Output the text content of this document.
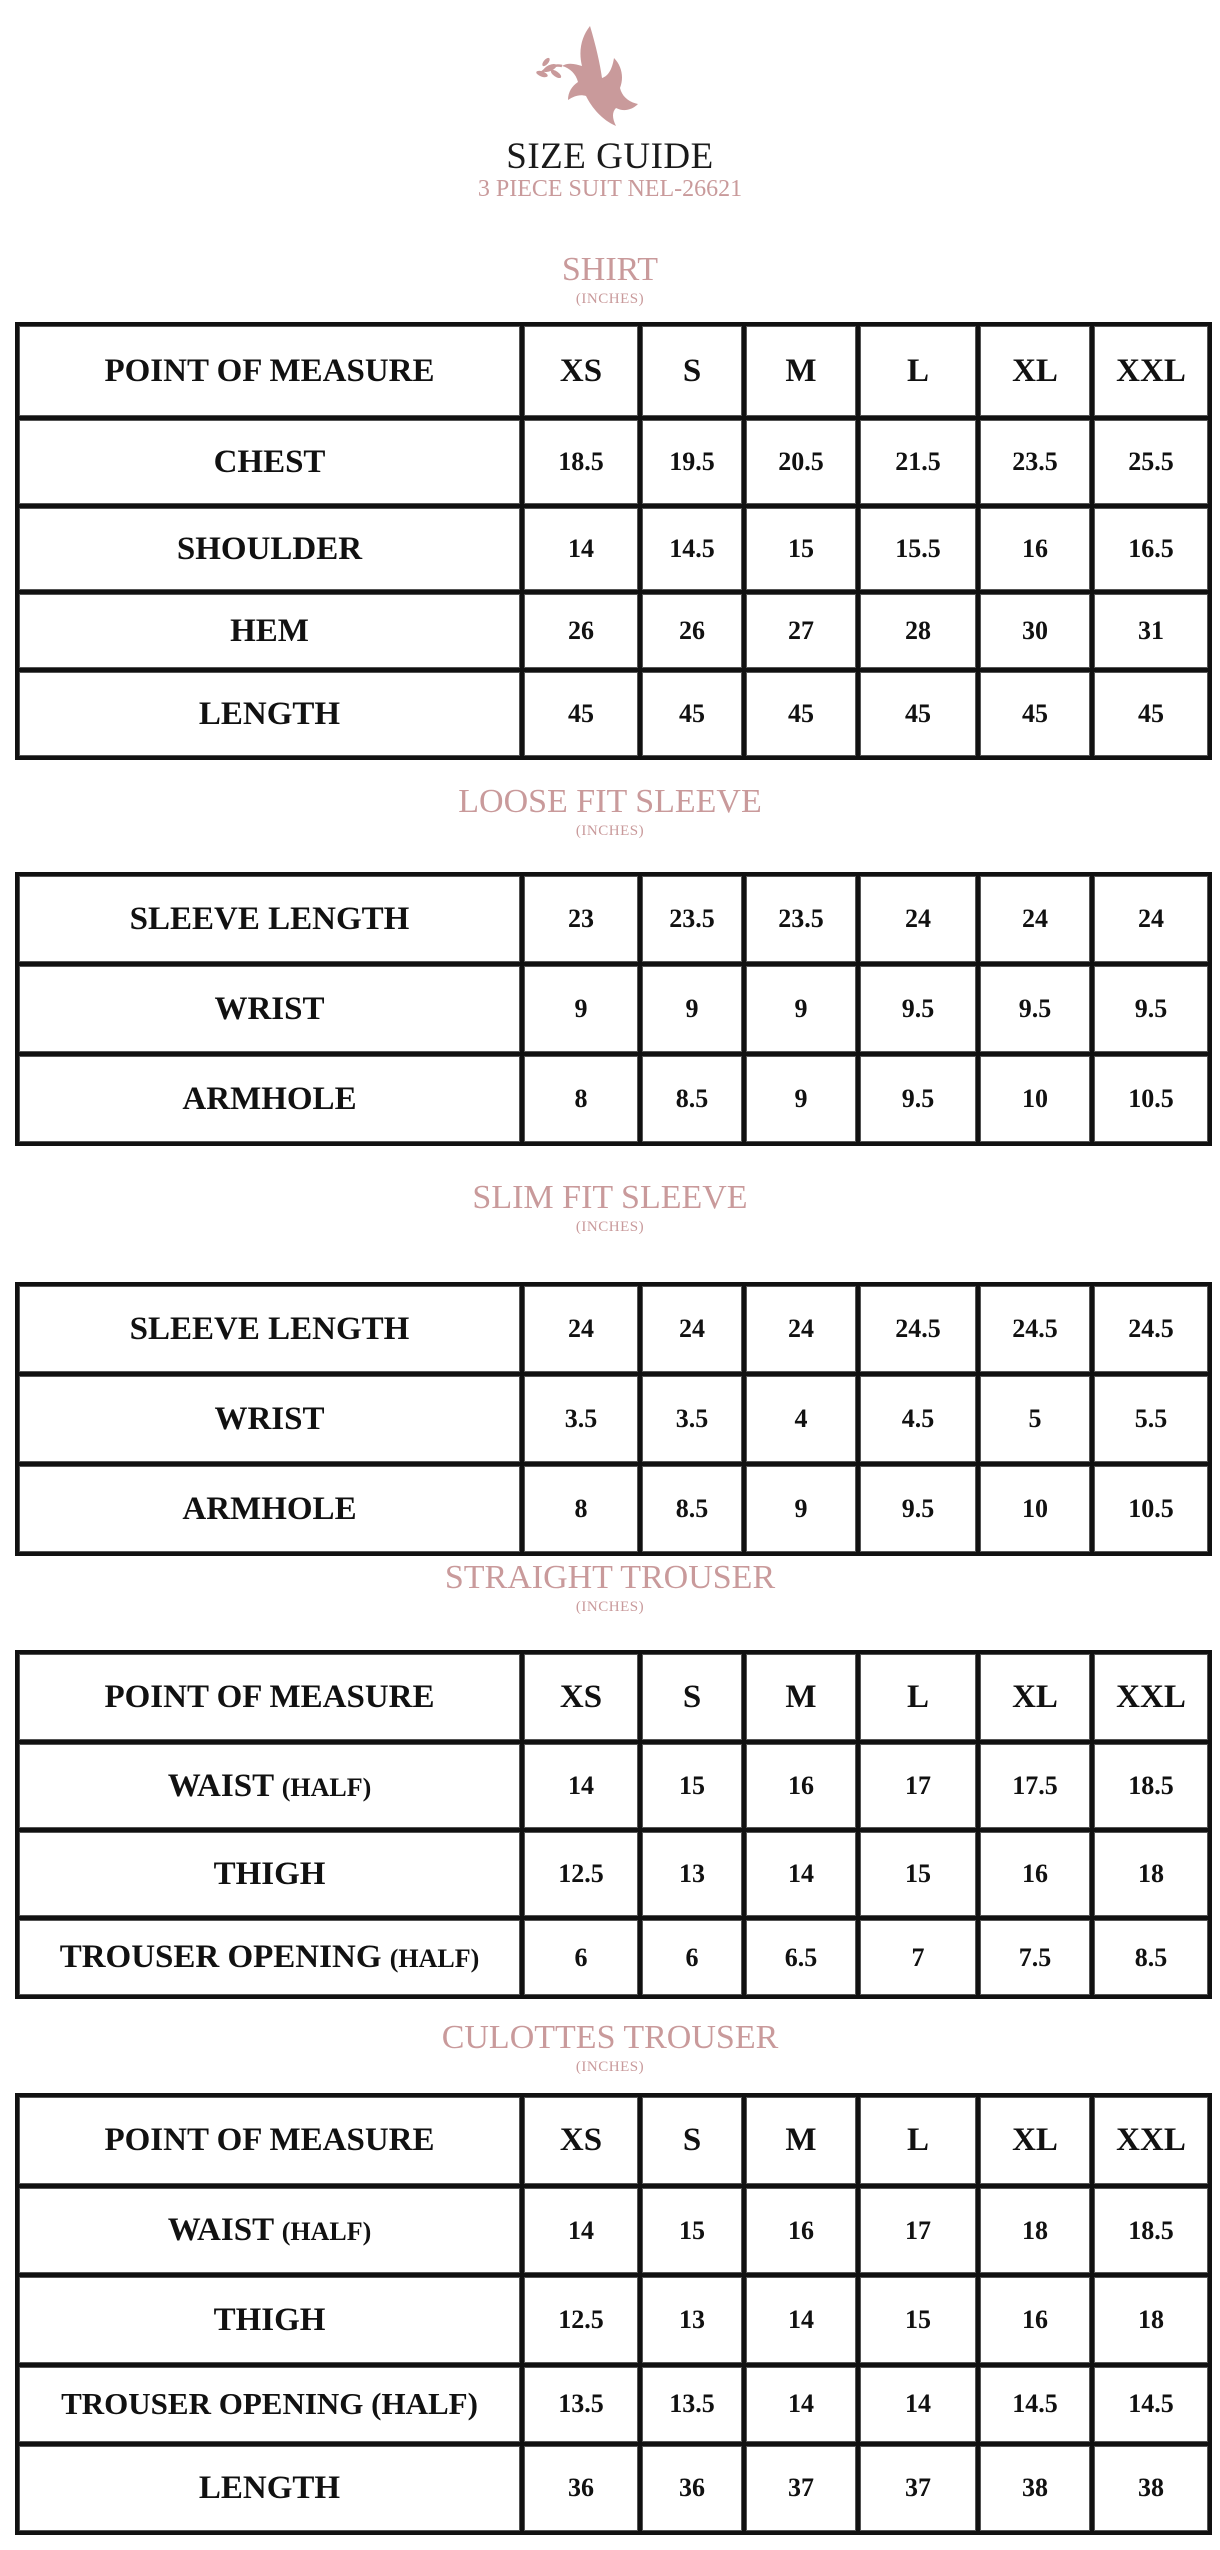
SIZE GUIDE
3 PIECE SUIT NEL-26621
SHIRT
(INCHES)
POINT OF MEASURE	XS	S	M	L	XL	XXL
CHEST	18.5	19.5	20.5	21.5	23.5	25.5
SHOULDER	14	14.5	15	15.5	16	16.5
HEM	26	26	27	28	30	31
LENGTH	45	45	45	45	45	45
LOOSE FIT SLEEVE
(INCHES)
SLEEVE LENGTH	23	23.5	23.5	24	24	24
WRIST	9	9	9	9.5	9.5	9.5
ARMHOLE	8	8.5	9	9.5	10	10.5
SLIM FIT SLEEVE
(INCHES)
SLEEVE LENGTH	24	24	24	24.5	24.5	24.5
WRIST	3.5	3.5	4	4.5	5	5.5
ARMHOLE	8	8.5	9	9.5	10	10.5
STRAIGHT TROUSER
(INCHES)
POINT OF MEASURE	XS	S	M	L	XL	XXL
WAIST (HALF)	14	15	16	17	17.5	18.5
THIGH	12.5	13	14	15	16	18
TROUSER OPENING (HALF)	6	6	6.5	7	7.5	8.5
CULOTTES TROUSER
(INCHES)
POINT OF MEASURE	XS	S	M	L	XL	XXL
WAIST (HALF)	14	15	16	17	18	18.5
THIGH	12.5	13	14	15	16	18
TROUSER OPENING (HALF)	13.5	13.5	14	14	14.5	14.5
LENGTH	36	36	37	37	38	38
